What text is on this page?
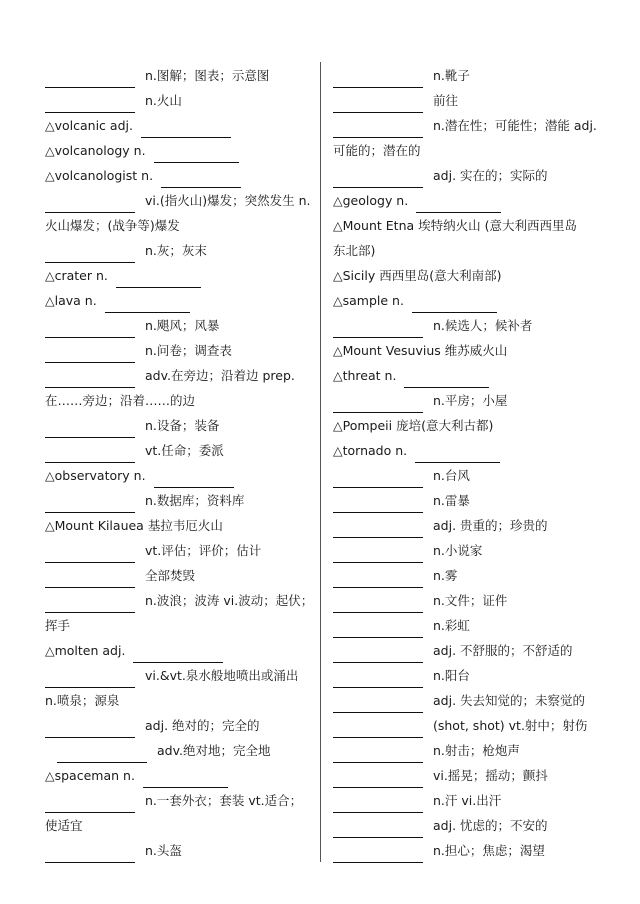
n.图解；图表；示意图
n.火山
△volcanic adj.
△volcanology n.
△volcanologist n.
vi.(指火山)爆发；突然发生 n.
火山爆发；(战争等)爆发
n.灰；灰末
△crater n.
△lava n.
n.飓风；风暴
n.问卷；调查表
adv.在旁边；沿着边 prep.
在……旁边；沿着……的边
n.设备；装备
vt.任命；委派
△observatory n.
n.数据库；资料库
△Mount Kilauea 基拉韦厄火山
vt.评估；评价；估计
全部焚毁
n.波浪；波涛 vi.波动；起伏；
挥手
△molten adj.
vi.&vt.泉水般地喷出或涌出
n.喷泉；源泉
adj. 绝对的；完全的
adv.绝对地；完全地
△spaceman n.
n.一套外衣；套装 vt.适合；
使适宜
n.头盔
n.靴子
前往
n.潜在性；可能性；潜能 adj.
可能的；潜在的
adj. 实在的；实际的
△geology n.
△Mount Etna 埃特纳火山 (意大利西西里岛
东北部)
△Sicily 西西里岛(意大利南部)
△sample n.
n.候选人；候补者
△Mount Vesuvius 维苏威火山
△threat n.
n.平房；小屋
△Pompeii 庞培(意大利古都)
△tornado n.
n.台风
n.雷暴
adj. 贵重的；珍贵的
n.小说家
n.雾
n.文件；证件
n.彩虹
adj. 不舒服的；不舒适的
n.阳台
adj. 失去知觉的；未察觉的
(shot, shot) vt.射中；射伤
n.射击；枪炮声
vi.摇晃；摇动；颤抖
n.汗 vi.出汗
adj. 忧虑的；不安的
n.担心；焦虑；渴望
